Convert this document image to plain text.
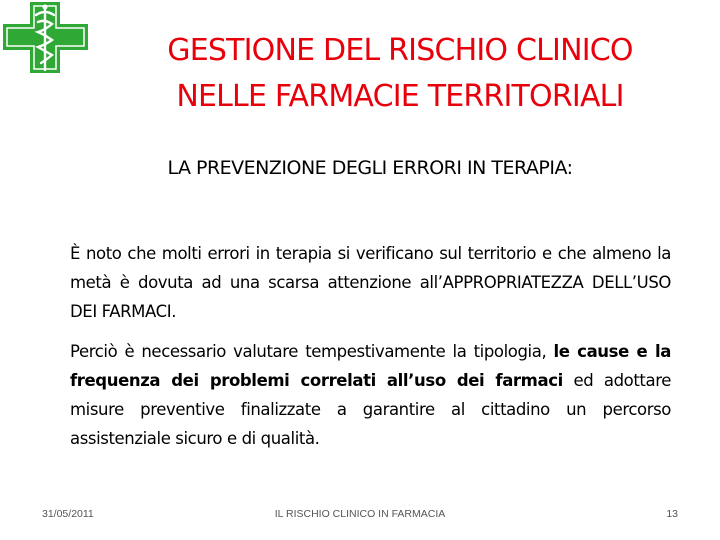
GESTIONE DEL RISCHIO CLINICO
NELLE FARMACIE TERRITORIALI
LA PREVENZIONE DEGLI ERRORI IN TERAPIA:
È noto che molti errori in terapia si verificano sul territorio e che almeno la metà è dovuta ad una scarsa attenzione all’APPROPRIATEZZA DELL’USO DEI FARMACI.
Perciò è necessario valutare tempestivamente la tipologia, le cause e la frequenza dei problemi correlati all’uso dei farmaci ed adottare misure preventive finalizzate a garantire al cittadino un percorso assistenziale sicuro e di qualità.
31/05/2011	IL RISCHIO CLINICO IN FARMACIA	13
